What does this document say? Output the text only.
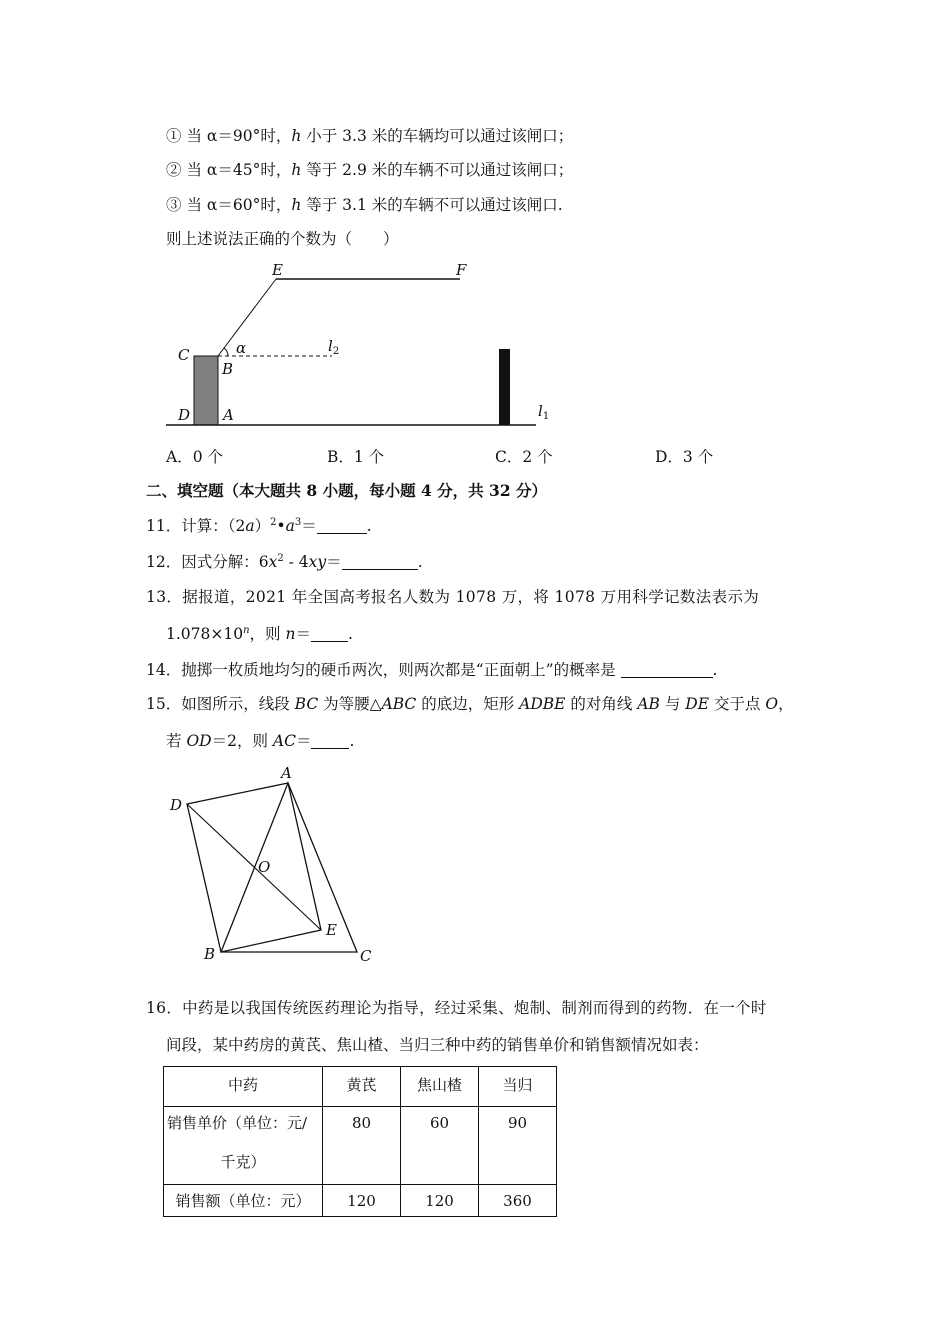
① 当 α＝90°时，h 小于 3.3 米的车辆均可以通过该闸口；
② 当 α＝45°时，h 等于 2.9 米的车辆不可以通过该闸口；
③ 当 α＝60°时，h 等于 3.1 米的车辆不可以通过该闸口.
则上述说法正确的个数为（　　）
E	F
C
B
α	$l_2$
D A	$l_1$
A．0 个	B．1 个	C．2 个	D．3 个
二、填空题（本大题共 8 小题，每小题 4 分，共 32 分）
11．计算：$(2a)^2•a^3=$	.
12．因式分解：$6x^2 - 4xy=$	.
13．据报道，2021 年全国高考报名人数为 1078 万，将 1078 万用科学记数法表示为
$1.078\times 10^n$，则 n＝ .
14．抛掷一枚质地均匀的硬币两次，则两次都是“正面朝上”的概率是	.
15．如图所示，线段 BC 为等腰△ABC 的底边，矩形 ADBE 的对角线 AB 与 DE 交于点 O，
若 OD＝2，则 AC＝ .
A
D
O
E
B	C
16．中药是以我国传统医药理论为指导，经过采集、炮制、制剂而得到的药物．在一个时
间段，某中药房的黄芪、焦山楂、当归三种中药的销售单价和销售额情况如表：
中药	黄芪	焦山楂	当归

销售单价（单位：元/
千克）	80	60	90
销售额（单位：元）	120	120	360
